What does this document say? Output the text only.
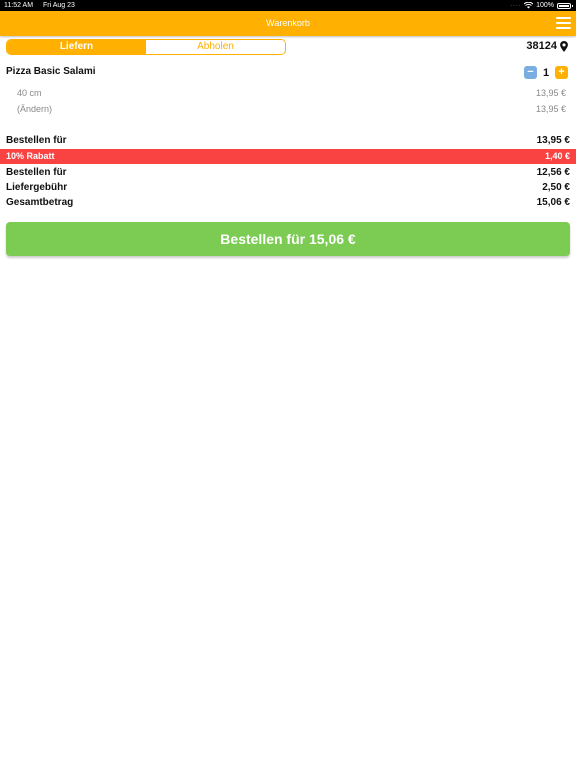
11:52 AM Fri Aug 23	.... 100%
Warenkorb
Liefern	Abholen	38124
Pizza Basic Salami	− 1 +
40 cm	13,95 €
(Ändern)	13,95 €
Bestellen für	13,95 €
10% Rabatt	1,40 €
Bestellen für	12,56 €
Liefergebühr	2,50 €
Gesamtbetrag	15,06 €
Bestellen für 15,06 €
